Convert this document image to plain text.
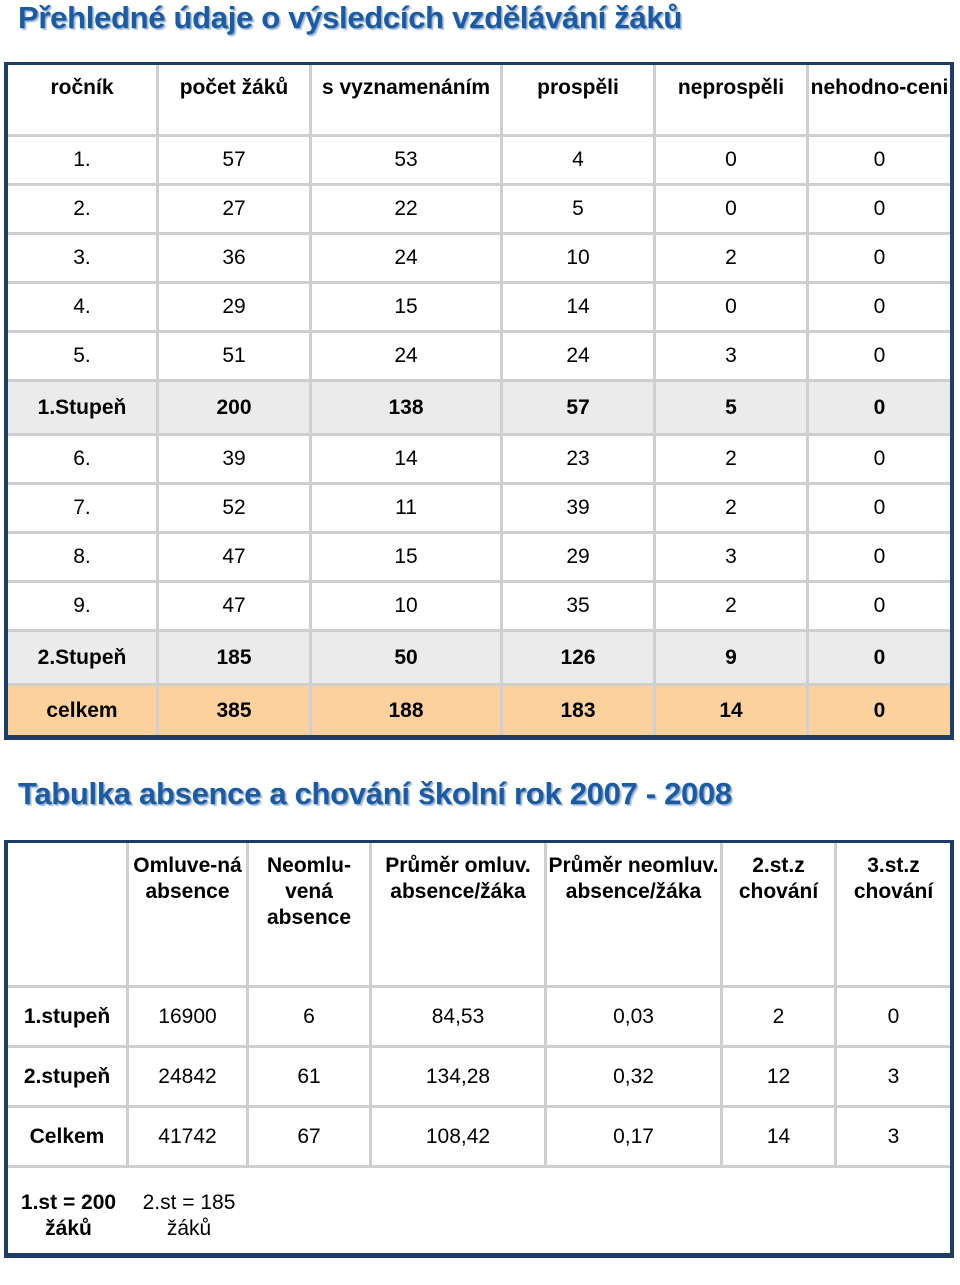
Přehledné údaje o výsledcích vzdělávání žáků
ročník	počet žáků	s vyznamenáním	prospěli	neprospěli	nehodno-ceni
1.	57	53	4	0	0
2.	27	22	5	0	0
3.	36	24	10	2	0
4.	29	15	14	0	0
5.	51	24	24	3	0
1.Stupeň	200	138	57	5	0
6.	39	14	23	2	0
7.	52	11	39	2	0
8.	47	15	29	3	0
9.	47	10	35	2	0
2.Stupeň	185	50	126	9	0
celkem	385	188	183	14	0
Tabulka absence a chování školní rok 2007 - 2008
	Omluve-ná absence	Neomlu-vená absence	Průměr omluv. absence/žáka	Průměr neomluv. absence/žáka	2.st.z chování	3.st.z chování
1.stupeň	16900	6	84,53	0,03	2	0
2.stupeň	24842	61	134,28	0,32	12	3
Celkem	41742	67	108,42	0,17	14	3
1.st = 200 žáků	2.st = 185 žáků					
